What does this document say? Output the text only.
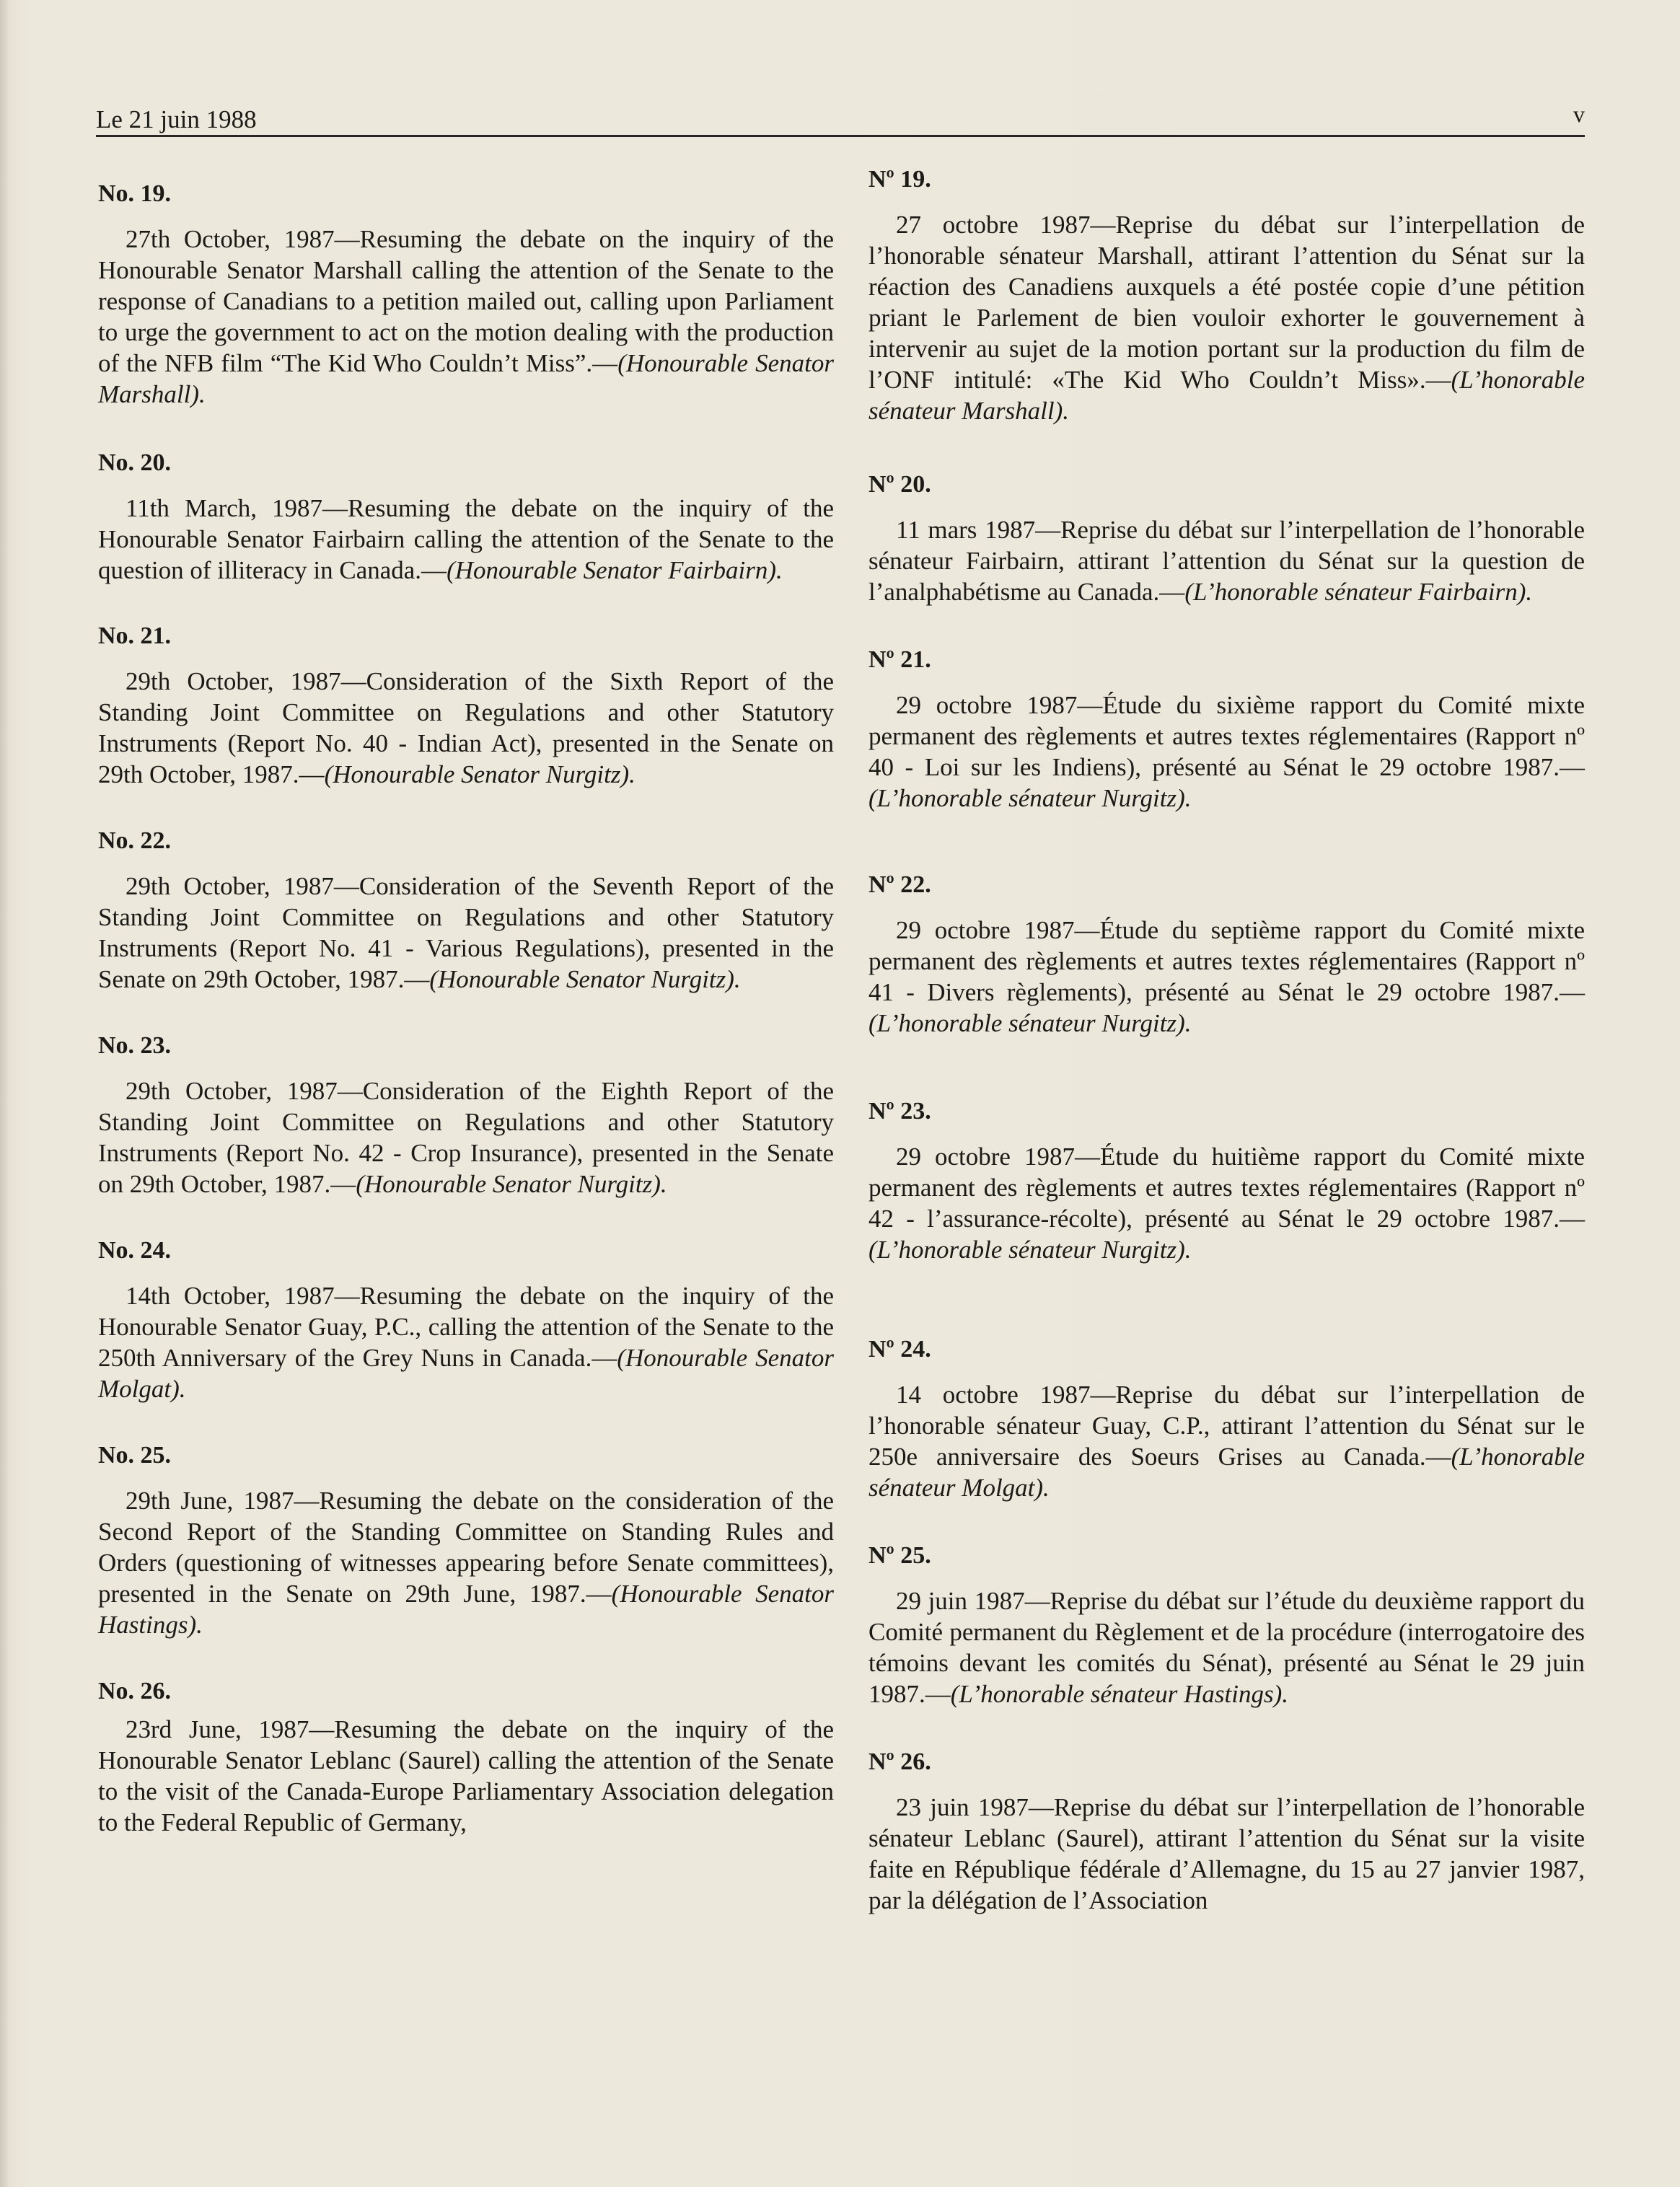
Le 21 juin 1988	v

No. 19.

27th October, 1987—Resuming the debate on the inquiry of the Honourable Senator Marshall calling the attention of the Senate to the response of Canadians to a petition mailed out, calling upon Parliament to urge the government to act on the motion dealing with the production of the NFB film “The Kid Who Couldn’t Miss”.—(Honourable Senator Marshall).

No. 20.

11th March, 1987—Resuming the debate on the inquiry of the Honourable Senator Fairbairn calling the attention of the Senate to the question of illiteracy in Canada.—(Honourable Senator Fairbairn).

No. 21.

29th October, 1987—Consideration of the Sixth Report of the Standing Joint Committee on Regulations and other Statutory Instruments (Report No. 40 - Indian Act), presented in the Senate on 29th October, 1987.—(Honourable Senator Nurgitz).

No. 22.

29th October, 1987—Consideration of the Seventh Report of the Standing Joint Committee on Regulations and other Statutory Instruments (Report No. 41 - Various Regulations), presented in the Senate on 29th October, 1987.—(Honourable Senator Nurgitz).

No. 23.

29th October, 1987—Consideration of the Eighth Report of the Standing Joint Committee on Regulations and other Statutory Instruments (Report No. 42 - Crop Insurance), presented in the Senate on 29th October, 1987.—(Honourable Senator Nurgitz).

No. 24.

14th October, 1987—Resuming the debate on the inquiry of the Honourable Senator Guay, P.C., calling the attention of the Senate to the 250th Anniversary of the Grey Nuns in Canada.—(Honourable Senator Molgat).

No. 25.

29th June, 1987—Resuming the debate on the consideration of the Second Report of the Standing Committee on Standing Rules and Orders (questioning of witnesses appearing before Senate committees), presented in the Senate on 29th June, 1987.—(Honourable Senator Hastings).

No. 26.

23rd June, 1987—Resuming the debate on the inquiry of the Honourable Senator Leblanc (Saurel) calling the attention of the Senate to the visit of the Canada-Europe Parliamentary Association delegation to the Federal Republic of Germany,

Nº 19.

27 octobre 1987—Reprise du débat sur l’interpellation de l’honorable sénateur Marshall, attirant l’attention du Sénat sur la réaction des Canadiens auxquels a été postée copie d’une pétition priant le Parlement de bien vouloir exhorter le gouvernement à intervenir au sujet de la motion portant sur la production du film de l’ONF intitulé: «The Kid Who Couldn’t Miss».—(L’honorable sénateur Marshall).

Nº 20.

11 mars 1987—Reprise du débat sur l’interpellation de l’honorable sénateur Fairbairn, attirant l’attention du Sénat sur la question de l’analphabétisme au Canada.—(L’honorable sénateur Fairbairn).

Nº 21.

29 octobre 1987—Étude du sixième rapport du Comité mixte permanent des règlements et autres textes réglementaires (Rapport nº 40 - Loi sur les Indiens), présenté au Sénat le 29 octobre 1987.—(L’honorable sénateur Nurgitz).

Nº 22.

29 octobre 1987—Étude du septième rapport du Comité mixte permanent des règlements et autres textes réglementaires (Rapport nº 41 - Divers règlements), présenté au Sénat le 29 octobre 1987.—(L’honorable sénateur Nurgitz).

Nº 23.

29 octobre 1987—Étude du huitième rapport du Comité mixte permanent des règlements et autres textes réglementaires (Rapport nº 42 - l’assurance-récolte), présenté au Sénat le 29 octobre 1987.—(L’honorable sénateur Nurgitz).

Nº 24.

14 octobre 1987—Reprise du débat sur l’interpellation de l’honorable sénateur Guay, C.P., attirant l’attention du Sénat sur le 250e anniversaire des Soeurs Grises au Canada.—(L’honorable sénateur Molgat).

Nº 25.

29 juin 1987—Reprise du débat sur l’étude du deuxième rapport du Comité permanent du Règlement et de la procédure (interrogatoire des témoins devant les comités du Sénat), présenté au Sénat le 29 juin 1987.—(L’honorable sénateur Hastings).

Nº 26.

23 juin 1987—Reprise du débat sur l’interpellation de l’honorable sénateur Leblanc (Saurel), attirant l’attention du Sénat sur la visite faite en République fédérale d’Allemagne, du 15 au 27 janvier 1987, par la délégation de l’Association
